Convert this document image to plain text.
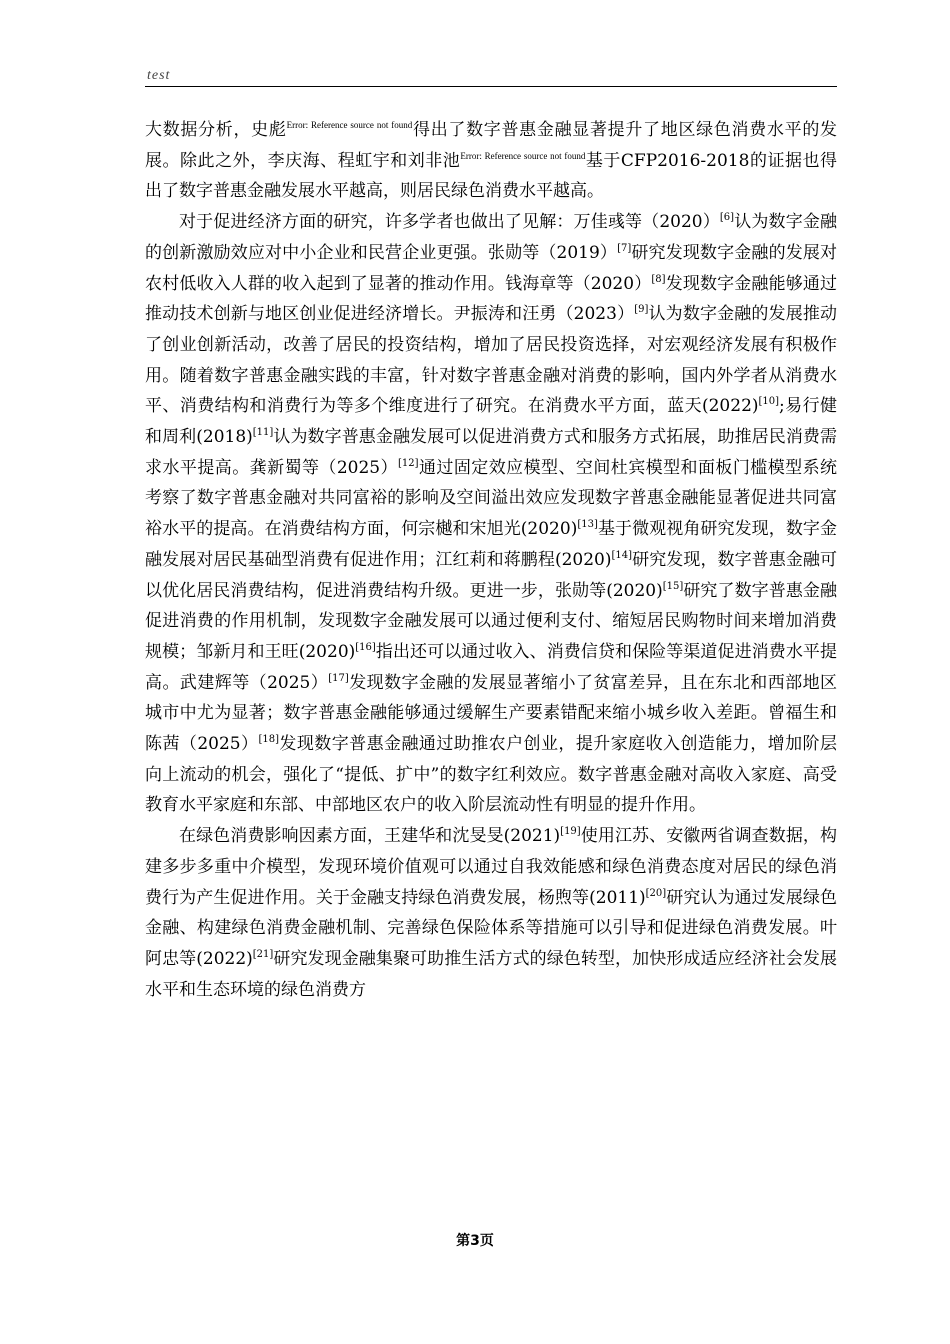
test

大数据分析，史彪$^{Error: Reference source not found}$得出了数字普惠金融显著提升了地区绿色消费水平的发展。除此之外，李庆海、程虹宇和刘非池$^{Error: Reference source not found}$基于CFP2016-2018的证据也得出了数字普惠金融发展水平越高，则居民绿色消费水平越高。

对于促进经济方面的研究，许多学者也做出了见解：万佳彧等（2020）[6]认为数字金融的创新激励效应对中小企业和民营企业更强。张勋等（2019）[7]研究发现数字金融的发展对农村低收入人群的收入起到了显著的推动作用。钱海章等（2020）[8]发现数字金融能够通过推动技术创新与地区创业促进经济增长。尹振涛和汪勇（2023）[9]认为数字金融的发展推动了创业创新活动，改善了居民的投资结构，增加了居民投资选择，对宏观经济发展有积极作用。随着数字普惠金融实践的丰富，针对数字普惠金融对消费的影响，国内外学者从消费水平、消费结构和消费行为等多个维度进行了研究。在消费水平方面，蓝天(2022)[10];易行健和周利(2018)[11]认为数字普惠金融发展可以促进消费方式和服务方式拓展，助推居民消费需求水平提高。龚新蜀等（2025）[12]通过固定效应模型、空间杜宾模型和面板门槛模型系统考察了数字普惠金融对共同富裕的影响及空间溢出效应发现数字普惠金融能显著促进共同富裕水平的提高。在消费结构方面，何宗樾和宋旭光(2020)[13]基于微观视角研究发现，数字金融发展对居民基础型消费有促进作用；江红莉和蒋鹏程(2020)[14]研究发现，数字普惠金融可以优化居民消费结构，促进消费结构升级。更进一步，张勋等(2020)[15]研究了数字普惠金融促进消费的作用机制，发现数字金融发展可以通过便利支付、缩短居民购物时间来增加消费规模；邹新月和王旺(2020)[16]指出还可以通过收入、消费信贷和保险等渠道促进消费水平提高。武建辉等（2025）[17]发现数字金融的发展显著缩小了贫富差异，且在东北和西部地区城市中尤为显著；数字普惠金融能够通过缓解生产要素错配来缩小城乡收入差距。曾福生和陈茜（2025）[18]发现数字普惠金融通过助推农户创业，提升家庭收入创造能力，增加阶层向上流动的机会，强化了“提低、扩中”的数字红利效应。数字普惠金融对高收入家庭、高受教育水平家庭和东部、中部地区农户的收入阶层流动性有明显的提升作用。

在绿色消费影响因素方面，王建华和沈旻旻(2021)[19]使用江苏、安徽两省调查数据，构建多步多重中介模型，发现环境价值观可以通过自我效能感和绿色消费态度对居民的绿色消费行为产生促进作用。关于金融支持绿色消费发展，杨煦等(2011)[20]研究认为通过发展绿色金融、构建绿色消费金融机制、完善绿色保险体系等措施可以引导和促进绿色消费发展。叶阿忠等(2022)[21]研究发现金融集聚可助推生活方式的绿色转型，加快形成适应经济社会发展水平和生态环境的绿色消费方

第3页
